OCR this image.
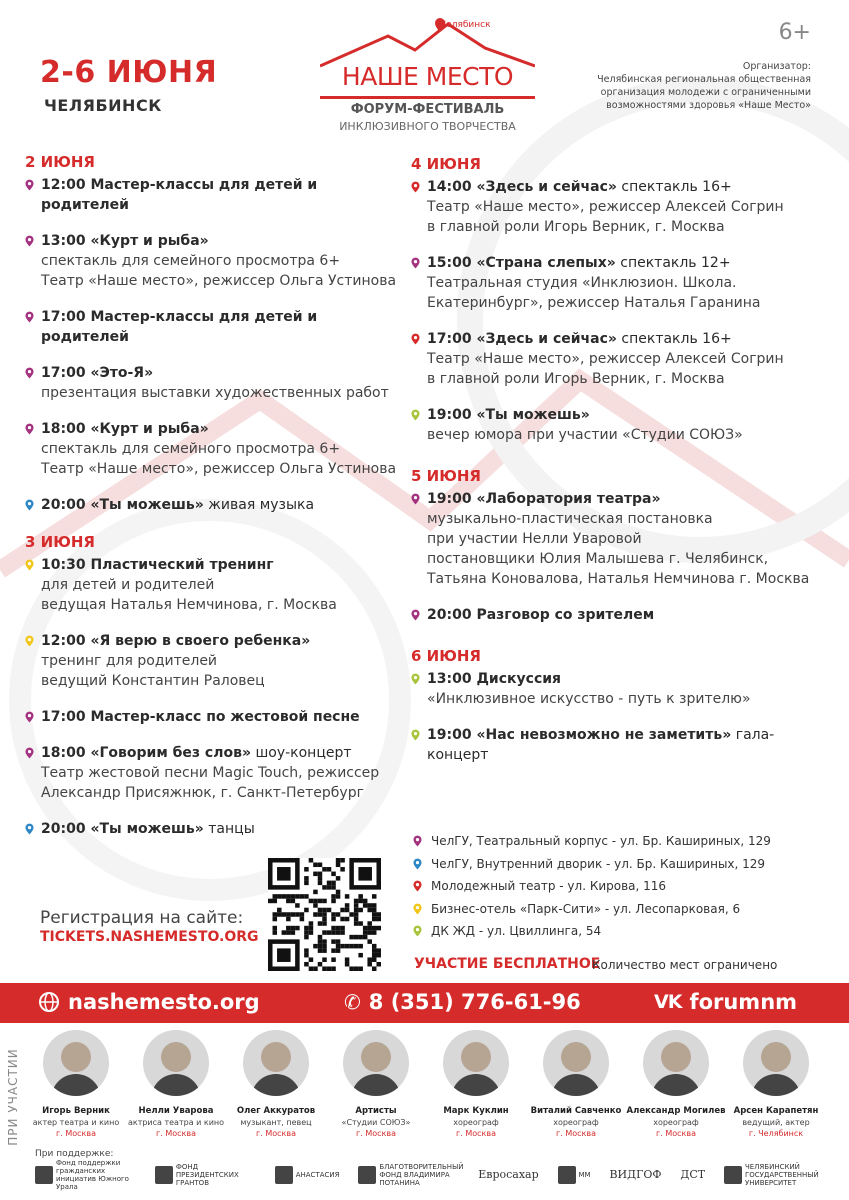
2-6 ИЮНЯ
ЧЕЛЯБИНСК
Челябинск
НАШЕ МЕСТО
ФОРУМ-ФЕСТИВАЛЬ
ИНКЛЮЗИВНОГО ТВОРЧЕСТВА
6+
Организатор:
Челябинская региональная общественная организация молодежи с ограниченными возможностями здоровья «Наше Место»
2 ИЮНЯ
12:00 Мастер-классы для детей и родителей
13:00 «Курт и рыба»
спектакль для семейного просмотра 6+
Театр «Наше место», режиссер Ольга Устинова
17:00 Мастер-классы для детей и родителей
17:00 «Это-Я»
презентация выставки художественных работ
18:00 «Курт и рыба»
спектакль для семейного просмотра 6+
Театр «Наше место», режиссер Ольга Устинова
20:00 «Ты можешь» живая музыка
3 ИЮНЯ
10:30 Пластический тренинг
для детей и родителей
ведущая Наталья Немчинова, г. Москва
12:00 «Я верю в своего ребенка»
тренинг для родителей
ведущий Константин Раловец
17:00 Мастер-класс по жестовой песне
18:00 «Говорим без слов» шоу-концерт
Театр жестовой песни Magic Touch, режиссер
Александр Присяжнюк, г. Санкт-Петербург
20:00 «Ты можешь» танцы
4 ИЮНЯ
14:00 «Здесь и сейчас» спектакль 16+
Театр «Наше место», режиссер Алексей Согрин
в главной роли Игорь Верник, г. Москва
15:00 «Страна слепых» спектакль 12+
Театральная студия «Инклюзион. Школа.
Екатеринбург», режиссер Наталья Гаранина
17:00 «Здесь и сейчас» спектакль 16+
Театр «Наше место», режиссер Алексей Согрин
в главной роли Игорь Верник, г. Москва
19:00 «Ты можешь»
вечер юмора при участии «Студии СОЮЗ»
5 ИЮНЯ
19:00 «Лаборатория театра»
музыкально-пластическая постановка
при участии Нелли Уваровой
постановщики Юлия Малышева г. Челябинск,
Татьяна Коновалова, Наталья Немчинова г. Москва
20:00 Разговор со зрителем
6 ИЮНЯ
13:00 Дискуссия
«Инклюзивное искусство - путь к зрителю»
19:00 «Нас невозможно не заметить» гала-концерт
ЧелГУ, Театральный корпус - ул. Бр. Кашириных, 129
ЧелГУ, Внутренний дворик - ул. Бр. Кашириных, 129
Молодежный театр - ул. Кирова, 116
Бизнес-отель «Парк-Сити» - ул. Лесопарковая, 6
ДК ЖД - ул. Цвиллинга, 54
Регистрация на сайте:
TICKETS.NASHEMESTO.ORG
УЧАСТИЕ БЕСПЛАТНОЕ
Количество мест ограничено
nashemesto.org	✆ 8 (351) 776-61-96	VK forumnm
ПРИ УЧАСТИИ	Игорь Верник
актер театра и кино
г. Москва
Нелли Уварова
актриса театра и кино
г. Москва
Олег Аккуратов
музыкант, певец
г. Москва
Артисты
«Студии СОЮЗ»
г. Москва
Марк Куклин
хореограф
г. Москва
Виталий Савченко
хореограф
г. Москва
Александр Могилев
хореограф
г. Москва
Арсен Карапетян
ведущий, актер
г. Челябинск
При поддержке:
Фонд поддержки гражданских инициатив Южного Урала
ФОНД ПРЕЗИДЕНТСКИХ ГРАНТОВ
АНАСТАСИЯ
БЛАГОТВОРИТЕЛЬНЫЙ ФОНД ВЛАДИМИРА ПОТАНИНА
Евросахар	ММ ВИДГОФ ДСТ
ЧЕЛЯБИНСКИЙ ГОСУДАРСТВЕННЫЙ УНИВЕРСИТЕТ
